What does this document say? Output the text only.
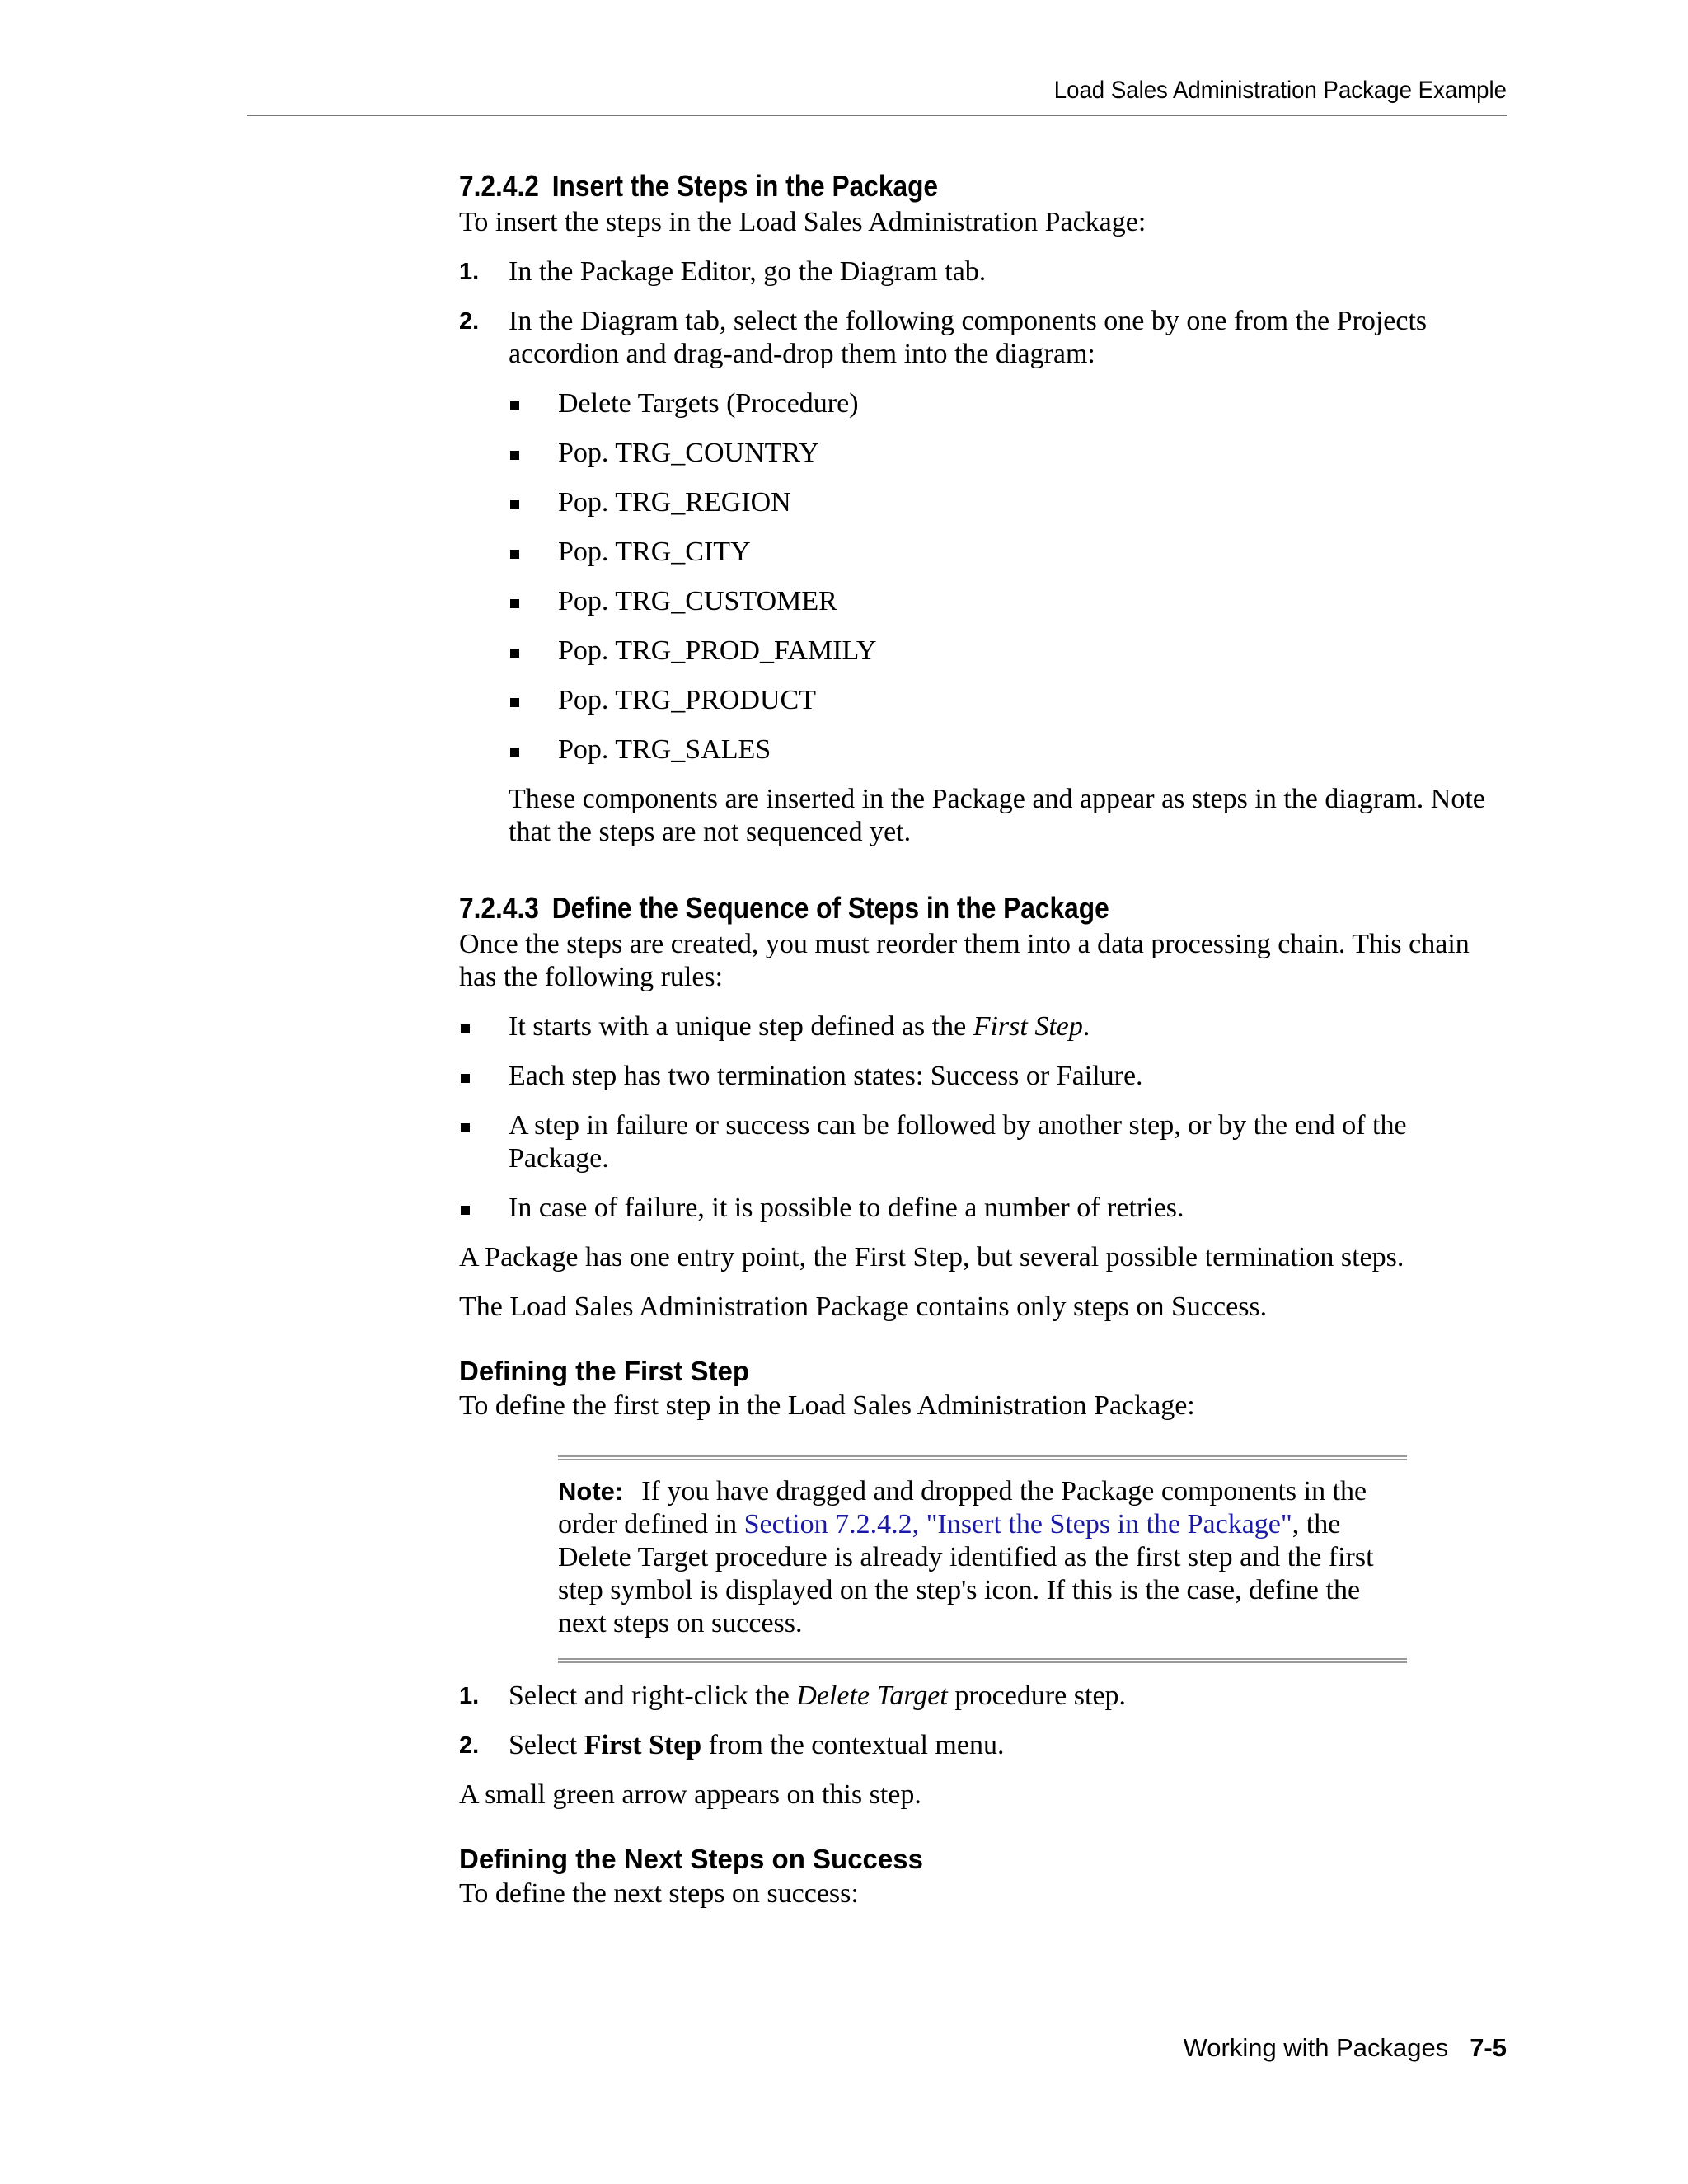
Load Sales Administration Package Example
7.2.4.2 Insert the Steps in the Package

To insert the steps in the Load Sales Administration Package:

1. In the Package Editor, go the Diagram tab.
2. In the Diagram tab, select the following components one by one from the Projects accordion and drag-and-drop them into the diagram:
Delete Targets (Procedure)
Pop. TRG_COUNTRY
Pop. TRG_REGION
Pop. TRG_CITY
Pop. TRG_CUSTOMER
Pop. TRG_PROD_FAMILY
Pop. TRG_PRODUCT
Pop. TRG_SALES

These components are inserted in the Package and appear as steps in the diagram. Note that the steps are not sequenced yet.

7.2.4.3 Define the Sequence of Steps in the Package

Once the steps are created, you must reorder them into a data processing chain. This chain has the following rules:

It starts with a unique step defined as the First Step.
Each step has two termination states: Success or Failure.
A step in failure or success can be followed by another step, or by the end of the Package.
In case of failure, it is possible to define a number of retries.

A Package has one entry point, the First Step, but several possible termination steps.

The Load Sales Administration Package contains only steps on Success.

Defining the First Step

To define the first step in the Load Sales Administration Package:

Note: If you have dragged and dropped the Package components in the order defined in Section 7.2.4.2, "Insert the Steps in the Package", the Delete Target procedure is already identified as the first step and the first step symbol is displayed on the step's icon. If this is the case, define the next steps on success.
1. Select and right-click the Delete Target procedure step.
2. Select First Step from the contextual menu.

A small green arrow appears on this step.

Defining the Next Steps on Success

To define the next steps on success:

Working with Packages 7-5
